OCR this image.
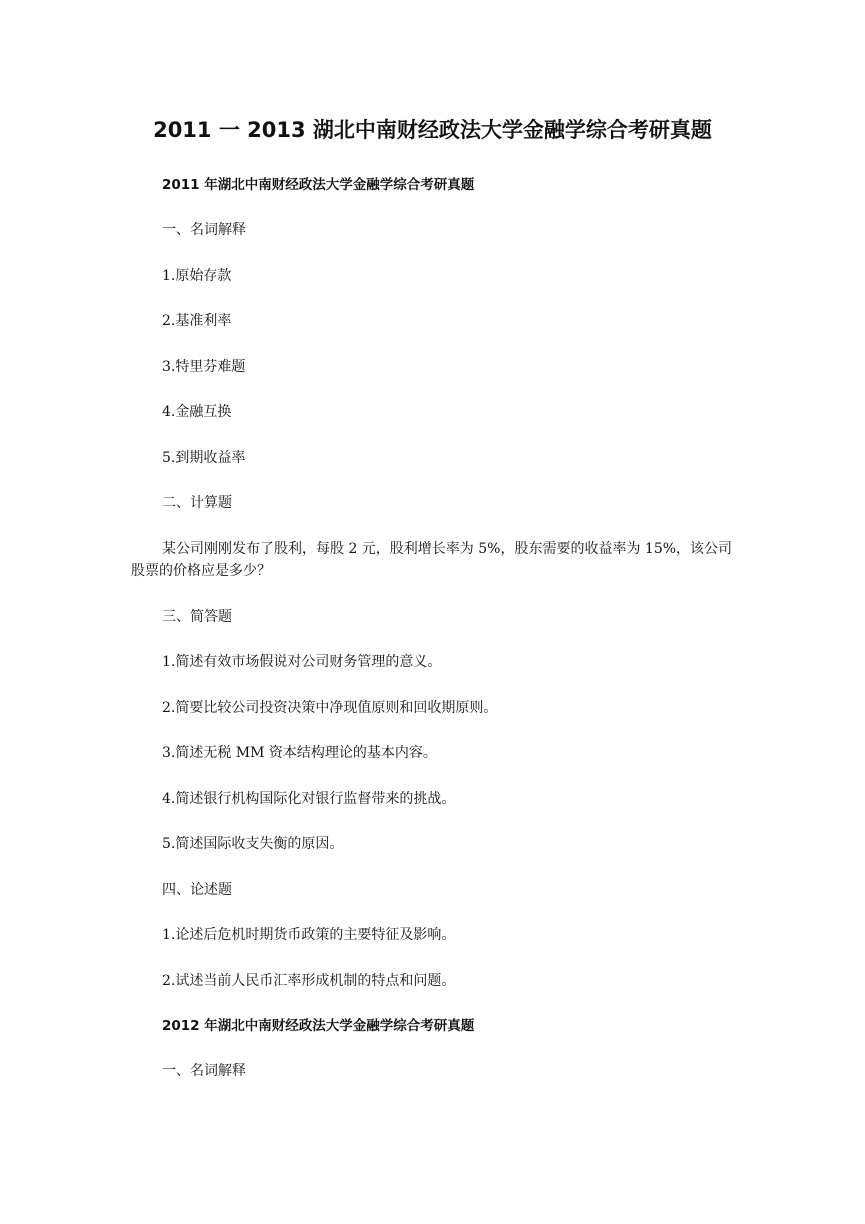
2011 一 2013 湖北中南财经政法大学金融学综合考研真题

2011 年湖北中南财经政法大学金融学综合考研真题

一、名词解释

1.原始存款

2.基准利率

3.特里芬难题

4.金融互换

5.到期收益率

二、计算题

某公司刚刚发布了股利，每股 2 元，股利增长率为 5%，股东需要的收益率为 15%，该公司股票的价格应是多少？

三、简答题

1.简述有效市场假说对公司财务管理的意义。

2.简要比较公司投资决策中净现值原则和回收期原则。

3.简述无税 MM 资本结构理论的基本内容。

4.简述银行机构国际化对银行监督带来的挑战。

5.简述国际收支失衡的原因。

四、论述题

1.论述后危机时期货币政策的主要特征及影响。

2.试述当前人民币汇率形成机制的特点和问题。

2012 年湖北中南财经政法大学金融学综合考研真题

一、名词解释
